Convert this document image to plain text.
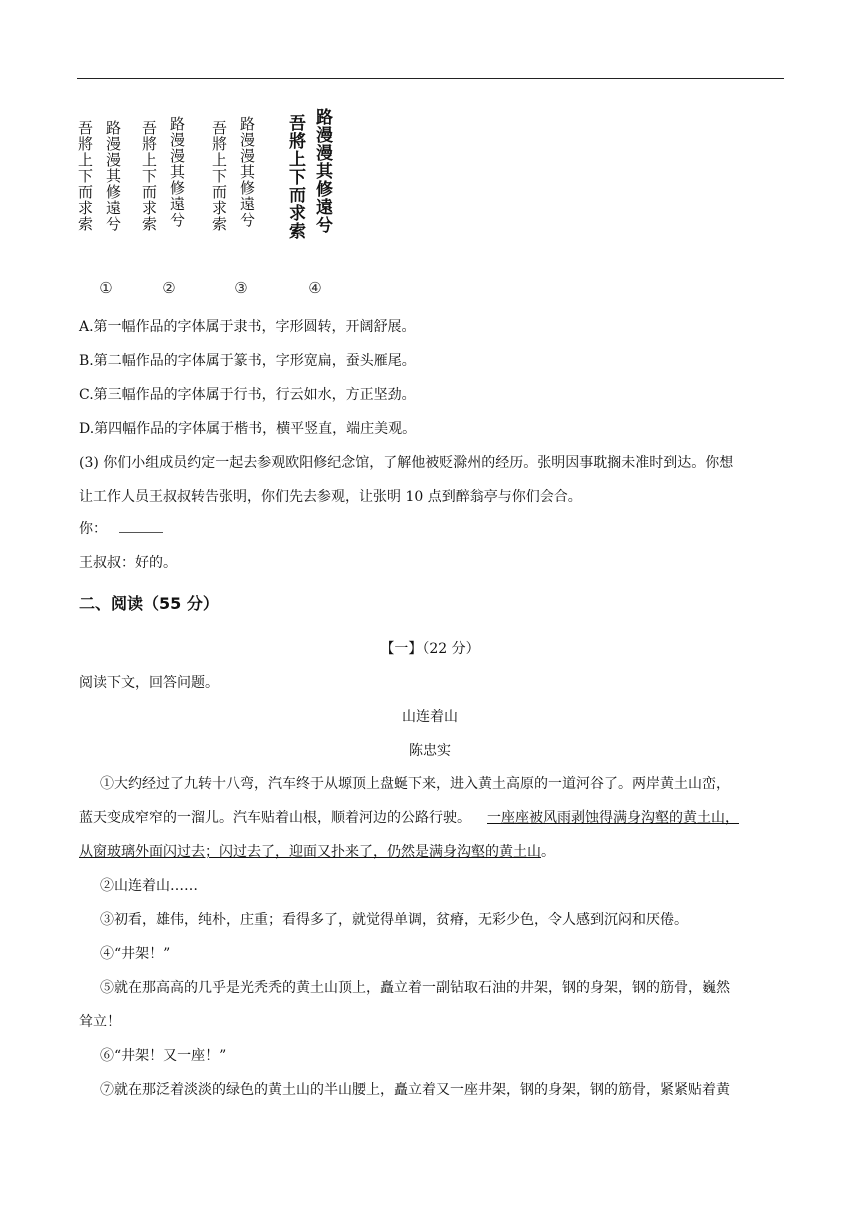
吾將上下而求索 路漫漫其修遠兮 吾將上下而求索 路漫漫其修遠兮 吾將上下而求索 路漫漫其修遠兮 吾將上下而求索 路漫漫其修遠兮
①	②	③	④
A.第一幅作品的字体属于隶书，字形圆转，开阔舒展。
B.第二幅作品的字体属于篆书，字形宽扁，蚕头雁尾。
C.第三幅作品的字体属于行书，行云如水，方正坚劲。
D.第四幅作品的字体属于楷书，横平竖直，端庄美观。
(3) 你们小组成员约定一起去参观欧阳修纪念馆，了解他被贬滁州的经历。张明因事耽搁未准时到达。你想
让工作人员王叔叔转告张明，你们先去参观，让张明 10 点到醉翁亭与你们会合。
你：
王叔叔：好的。
二、阅读（55 分）
【一】（22 分）
阅读下文，回答问题。
山连着山
陈忠实
①大约经过了九转十八弯，汽车终于从塬顶上盘蜒下来，进入黄土高原的一道河谷了。两岸黄土山峦，
蓝天变成窄窄的一溜儿。汽车贴着山根，顺着河边的公路行驶。 一座座被风雨剥蚀得满身沟壑的黄土山，
从窗玻璃外面闪过去；闪过去了，迎面又扑来了，仍然是满身沟壑的黄土山。
②山连着山……
③初看，雄伟，纯朴，庄重；看得多了，就觉得单调，贫瘠，无彩少色，令人感到沉闷和厌倦。
④“井架！”
⑤就在那高高的几乎是光秃秃的黄土山顶上，矗立着一副钻取石油的井架，钢的身架，钢的筋骨，巍然
耸立！
⑥“井架！又一座！”
⑦就在那泛着淡淡的绿色的黄土山的半山腰上，矗立着又一座井架，钢的身架，钢的筋骨，紧紧贴着黄
